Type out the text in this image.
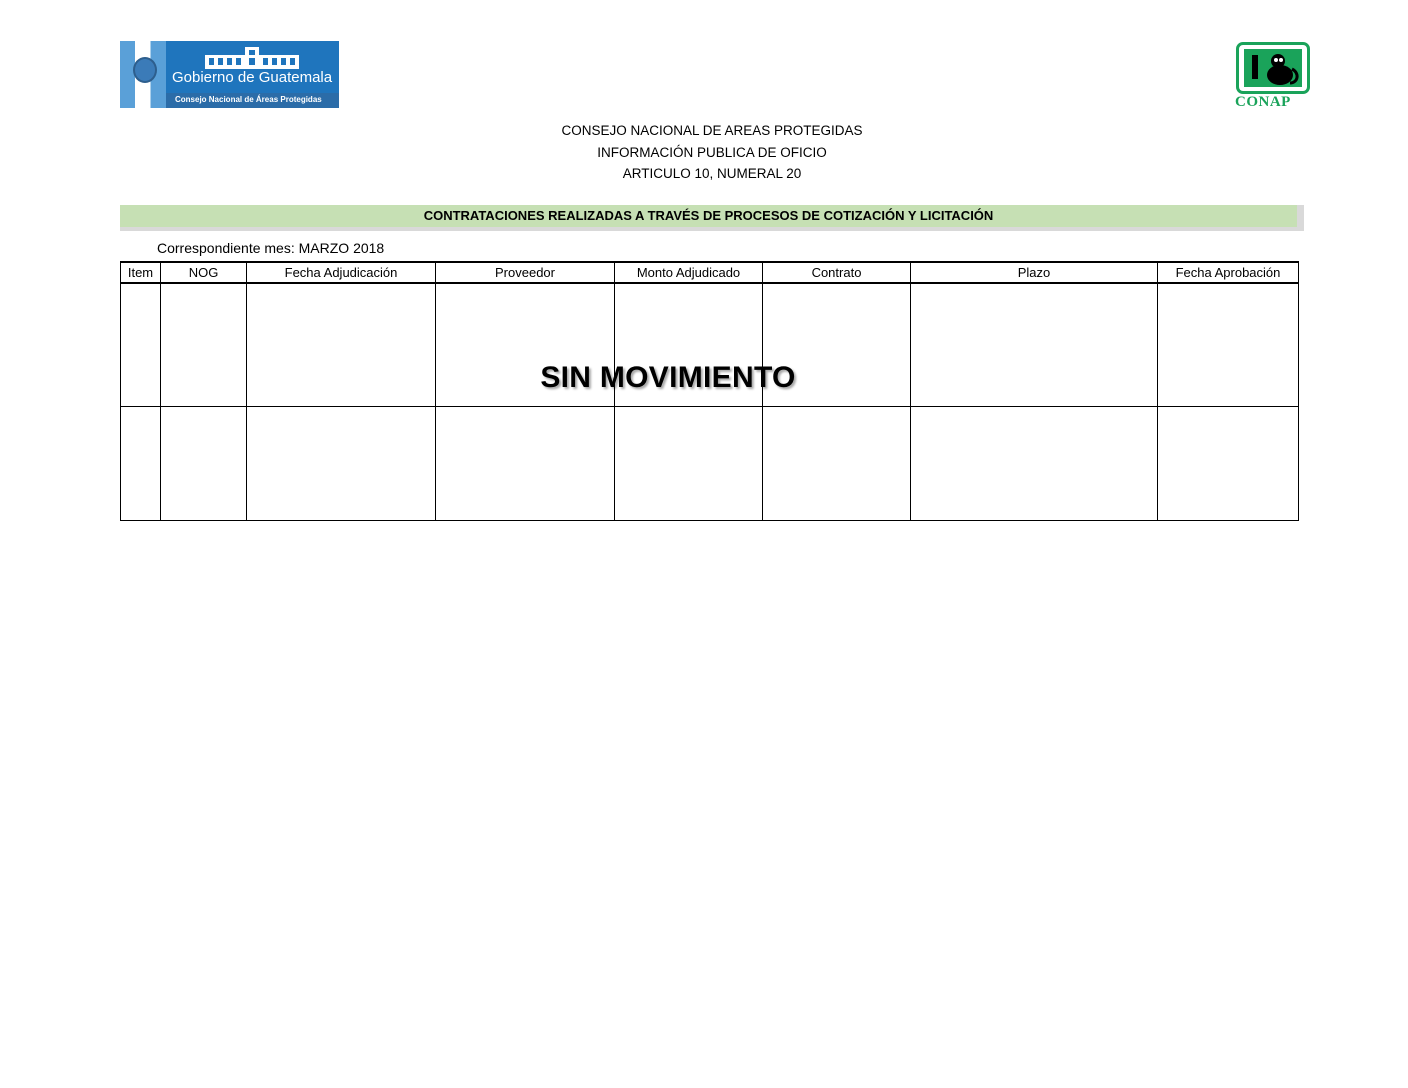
Gobierno de Guatemala
Consejo Nacional de Áreas Protegidas	CONAP
CONSEJO NACIONAL DE AREAS PROTEGIDAS
INFORMACIÓN PUBLICA DE OFICIO
ARTICULO 10, NUMERAL 20
CONTRATACIONES REALIZADAS A TRAVÉS DE PROCESOS DE COTIZACIÓN Y LICITACIÓN
Correspondiente mes: MARZO 2018
Item	NOG	Fecha Adjudicación	Proveedor	Monto Adjudicado	Contrato	Plazo	Fecha Aprobación

SIN MOVIMIENTO
